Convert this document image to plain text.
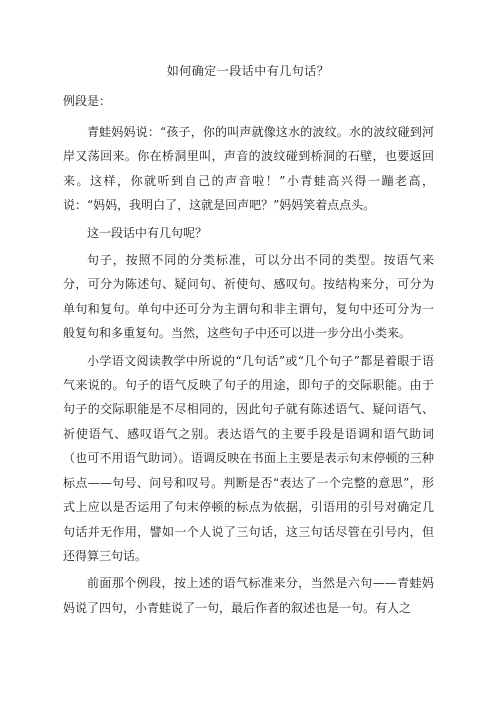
如何确定一段话中有几句话？
例段是：

青蛙妈妈说：“孩子，你的叫声就像这水的波纹。水的波纹碰到河岸又荡回来。你在桥洞里叫，声音的波纹碰到桥洞的石壁，也要返回来。这样，你就听到自己的声音啦！”小青蛙高兴得一蹦老高，说：“妈妈，我明白了，这就是回声吧？”妈妈笑着点点头。

这一段话中有几句呢？

句子，按照不同的分类标准，可以分出不同的类型。按语气来分，可分为陈述句、疑问句、祈使句、感叹句。按结构来分，可分为单句和复句。单句中还可分为主谓句和非主谓句，复句中还可分为一般复句和多重复句。当然，这些句子中还可以进一步分出小类来。

小学语文阅读教学中所说的“几句话”或“几个句子”都是着眼于语气来说的。句子的语气反映了句子的用途，即句子的交际职能。由于句子的交际职能是不尽相同的，因此句子就有陈述语气、疑问语气、祈使语气、感叹语气之别。表达语气的主要手段是语调和语气助词（也可不用语气助词）。语调反映在书面上主要是表示句末停顿的三种标点——句号、问号和叹号。判断是否“表达了一个完整的意思”，形式上应以是否运用了句末停顿的标点为依据，引语用的引号对确定几句话并无作用，譬如一个人说了三句话，这三句话尽管在引号内，但还得算三句话。

前面那个例段，按上述的语气标准来分，当然是六句——青蛙妈妈说了四句，小青蛙说了一句，最后作者的叙述也是一句。有人之
